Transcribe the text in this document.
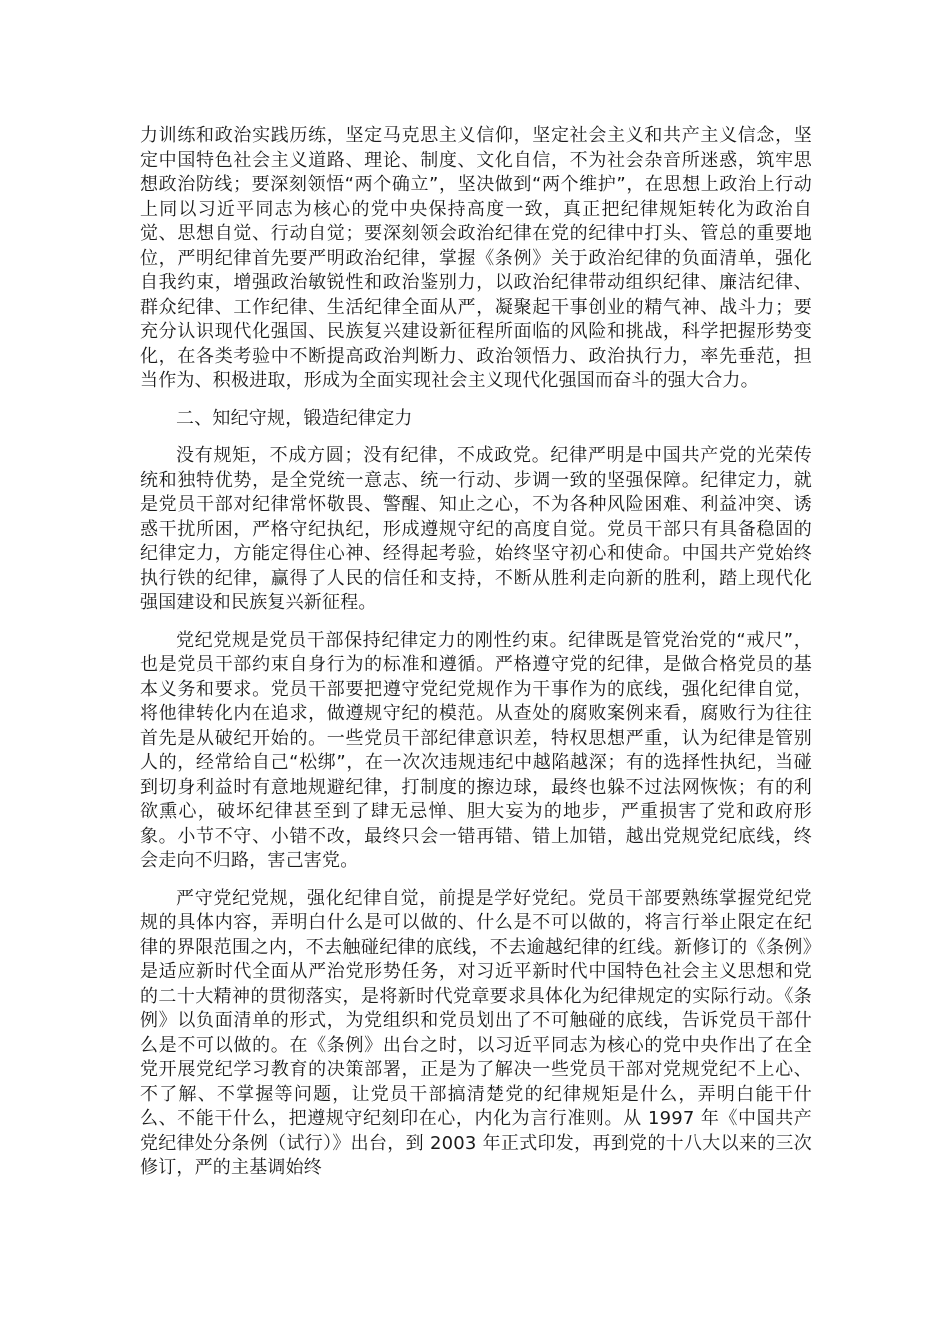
力训练和政治实践历练，坚定马克思主义信仰，坚定社会主义和共产主义信念，坚定中国特色社会主义道路、理论、制度、文化自信，不为社会杂音所迷惑，筑牢思想政治防线；要深刻领悟“两个确立”，坚决做到“两个维护”，在思想上政治上行动上同以习近平同志为核心的党中央保持高度一致，真正把纪律规矩转化为政治自觉、思想自觉、行动自觉；要深刻领会政治纪律在党的纪律中打头、管总的重要地位，严明纪律首先要严明政治纪律，掌握《条例》关于政治纪律的负面清单，强化自我约束，增强政治敏锐性和政治鉴别力，以政治纪律带动组织纪律、廉洁纪律、群众纪律、工作纪律、生活纪律全面从严，凝聚起干事创业的精气神、战斗力；要充分认识现代化强国、民族复兴建设新征程所面临的风险和挑战，科学把握形势变化，在各类考验中不断提高政治判断力、政治领悟力、政治执行力，率先垂范，担当作为、积极进取，形成为全面实现社会主义现代化强国而奋斗的强大合力。

二、知纪守规，锻造纪律定力

没有规矩，不成方圆；没有纪律，不成政党。纪律严明是中国共产党的光荣传统和独特优势，是全党统一意志、统一行动、步调一致的坚强保障。纪律定力，就是党员干部对纪律常怀敬畏、警醒、知止之心，不为各种风险困难、利益冲突、诱惑干扰所困，严格守纪执纪，形成遵规守纪的高度自觉。党员干部只有具备稳固的纪律定力，方能定得住心神、经得起考验，始终坚守初心和使命。中国共产党始终执行铁的纪律，赢得了人民的信任和支持，不断从胜利走向新的胜利，踏上现代化强国建设和民族复兴新征程。

党纪党规是党员干部保持纪律定力的刚性约束。纪律既是管党治党的“戒尺”，也是党员干部约束自身行为的标准和遵循。严格遵守党的纪律，是做合格党员的基本义务和要求。党员干部要把遵守党纪党规作为干事作为的底线，强化纪律自觉，将他律转化内在追求，做遵规守纪的模范。从查处的腐败案例来看，腐败行为往往首先是从破纪开始的。一些党员干部纪律意识差，特权思想严重，认为纪律是管别人的，经常给自己“松绑”，在一次次违规违纪中越陷越深；有的选择性执纪，当碰到切身利益时有意地规避纪律，打制度的擦边球，最终也躲不过法网恢恢；有的利欲熏心，破坏纪律甚至到了肆无忌惮、胆大妄为的地步，严重损害了党和政府形象。小节不守、小错不改，最终只会一错再错、错上加错，越出党规党纪底线，终会走向不归路，害己害党。

严守党纪党规，强化纪律自觉，前提是学好党纪。党员干部要熟练掌握党纪党规的具体内容，弄明白什么是可以做的、什么是不可以做的，将言行举止限定在纪律的界限范围之内，不去触碰纪律的底线，不去逾越纪律的红线。新修订的《条例》是适应新时代全面从严治党形势任务，对习近平新时代中国特色社会主义思想和党的二十大精神的贯彻落实，是将新时代党章要求具体化为纪律规定的实际行动。《条例》以负面清单的形式，为党组织和党员划出了不可触碰的底线，告诉党员干部什么是不可以做的。在《条例》出台之时，以习近平同志为核心的党中央作出了在全党开展党纪学习教育的决策部署，正是为了解决一些党员干部对党规党纪不上心、不了解、不掌握等问题，让党员干部搞清楚党的纪律规矩是什么，弄明白能干什么、不能干什么，把遵规守纪刻印在心，内化为言行准则。从 1997 年《中国共产党纪律处分条例（试行）》出台，到 2003 年正式印发，再到党的十八大以来的三次修订，严的主基调始终
